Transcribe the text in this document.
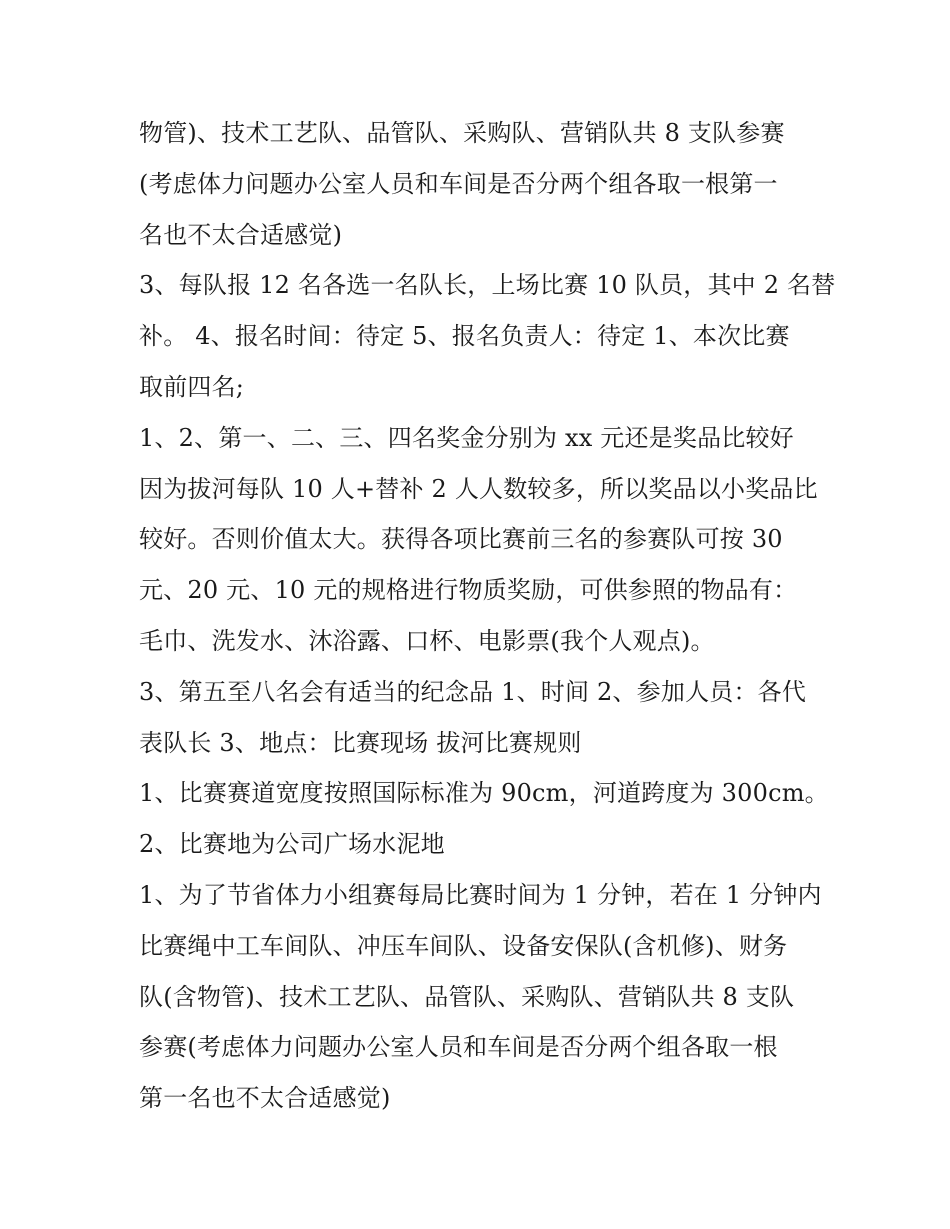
物管)、技术工艺队、品管队、采购队、营销队共 8 支队参赛
(考虑体力问题办公室人员和车间是否分两个组各取一根第一
名也不太合适感觉)
3、每队报 12 名各选一名队长，上场比赛 10 队员，其中 2 名替
补。 4、报名时间：待定 5、报名负责人：待定 1、本次比赛
取前四名;
1、2、第一、二、三、四名奖金分别为 xx 元还是奖品比较好
因为拔河每队 10 人+替补 2 人人数较多，所以奖品以小奖品比
较好。否则价值太大。获得各项比赛前三名的参赛队可按 30
元、20 元、10 元的规格进行物质奖励，可供参照的物品有：
毛巾、洗发水、沐浴露、口杯、电影票(我个人观点)。
3、第五至八名会有适当的纪念品 1、时间 2、参加人员：各代
表队长 3、地点：比赛现场 拔河比赛规则
1、比赛赛道宽度按照国际标准为 90cm，河道跨度为 300cm。
2、比赛地为公司广场水泥地
1、为了节省体力小组赛每局比赛时间为 1 分钟，若在 1 分钟内
比赛绳中工车间队、冲压车间队、设备安保队(含机修)、财务
队(含物管)、技术工艺队、品管队、采购队、营销队共 8 支队
参赛(考虑体力问题办公室人员和车间是否分两个组各取一根
第一名也不太合适感觉)
